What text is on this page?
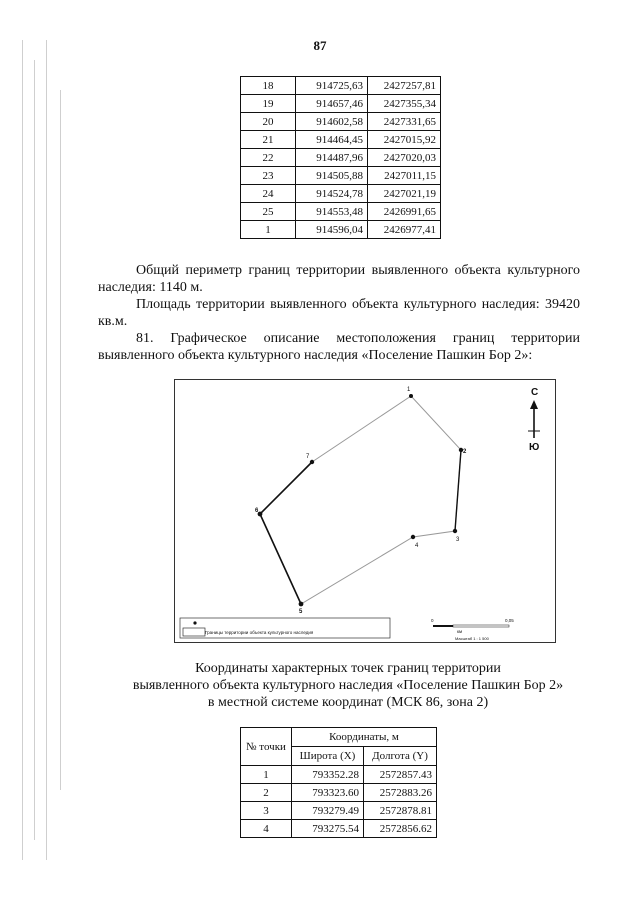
87
18	914725,63	2427257,81
19	914657,46	2427355,34
20	914602,58	2427331,65
21	914464,45	2427015,92
22	914487,96	2427020,03
23	914505,88	2427011,15
24	914524,78	2427021,19
25	914553,48	2426991,65
1	914596,04	2426977,41
Общий периметр границ территории выявленного объекта культурного наследия: 1140 м.
Площадь территории выявленного объекта культурного наследия: 39420 кв.м.
81. Графическое описание местоположения границ территории выявленного объекта культурного наследия «Поселение Пашкин Бор 2»:
1
2
3
4
5
6
7
С
Ю
Границы территории объекта культурного наследия
0	0,05
км
Масштаб 1 : 1 500
Координаты характерных точек границ территории
выявленного объекта культурного наследия «Поселение Пашкин Бор 2»
в местной системе координат (МСК 86, зона 2)
№ точки	Координаты, м	
	Широта (X)	Долгота (Y)
1	793352.28	2572857.43
2	793323.60	2572883.26
3	793279.49	2572878.81
4	793275.54	2572856.62
